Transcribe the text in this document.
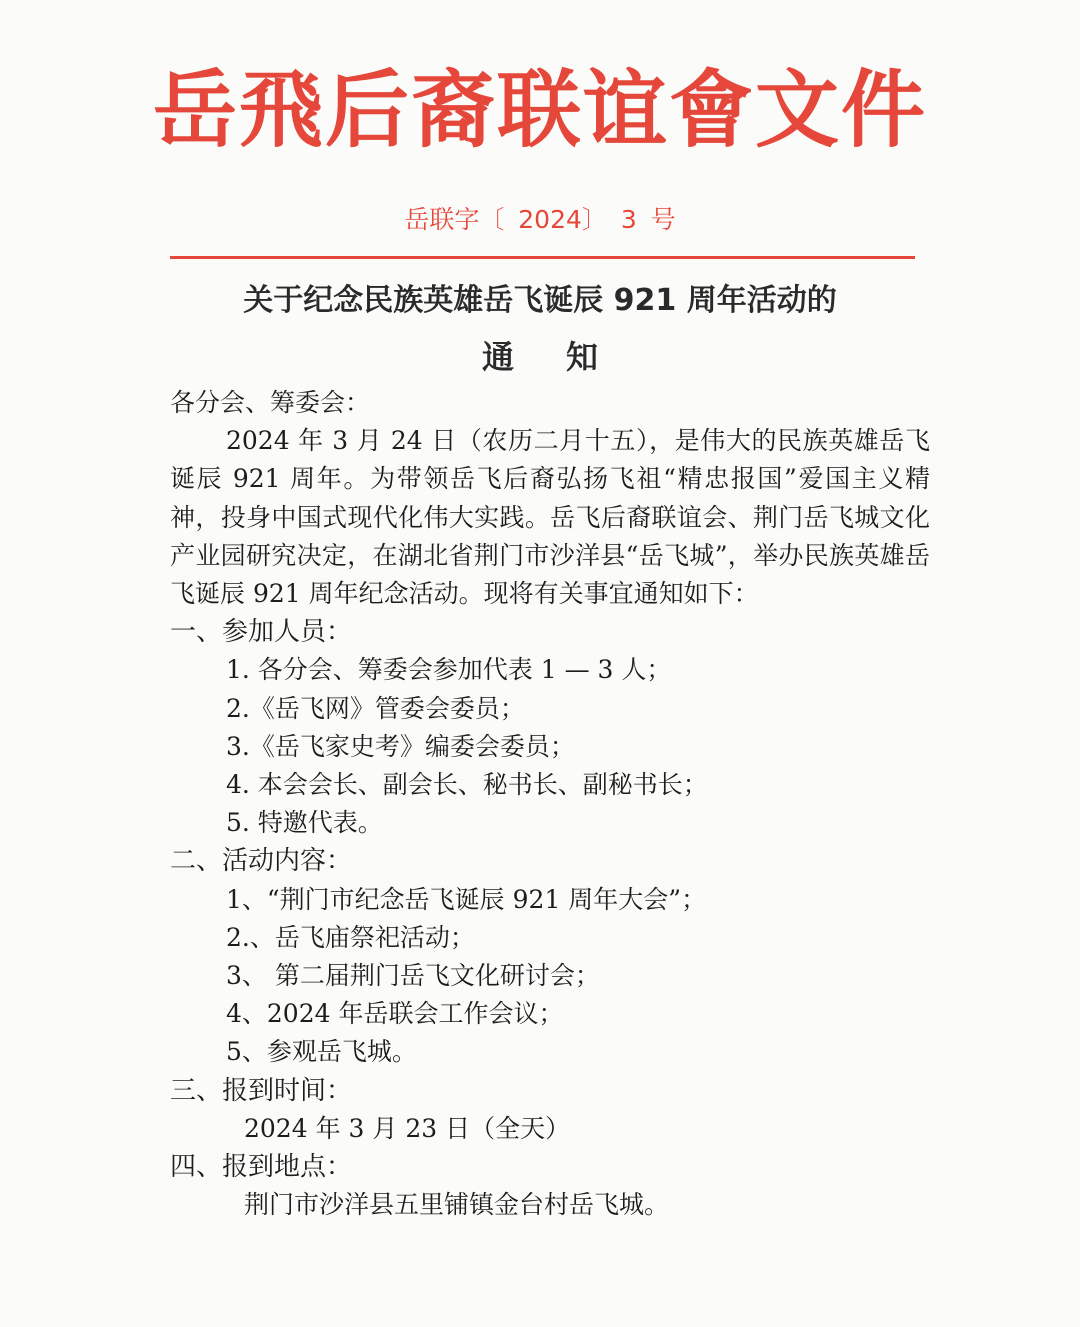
岳飛后裔联谊會文件
岳联字〔 2024〕 3 号
关于纪念民族英雄岳飞诞辰 921 周年活动的
通知
各分会、筹委会：
2024 年 3 月 24 日（农历二月十五），是伟大的民族英雄岳飞诞辰 921 周年。为带领岳飞后裔弘扬飞祖“精忠报国”爱国主义精神，投身中国式现代化伟大实践。岳飞后裔联谊会、荆门岳飞城文化产业园研究决定，在湖北省荆门市沙洋县“岳飞城”，举办民族英雄岳飞诞辰 921 周年纪念活动。现将有关事宜通知如下：
一、参加人员：
1. 各分会、筹委会参加代表 1 — 3 人；
2.《岳飞网》管委会委员；
3.《岳飞家史考》编委会委员；
4. 本会会长、副会长、秘书长、副秘书长；
5. 特邀代表。
二、活动内容：
1、“荆门市纪念岳飞诞辰 921 周年大会”；
2.、岳飞庙祭祀活动；
3、 第二届荆门岳飞文化研讨会；
4、2024 年岳联会工作会议；
5、参观岳飞城。
三、报到时间：
2024 年 3 月 23 日（全天）
四、报到地点：
荆门市沙洋县五里铺镇金台村岳飞城。
